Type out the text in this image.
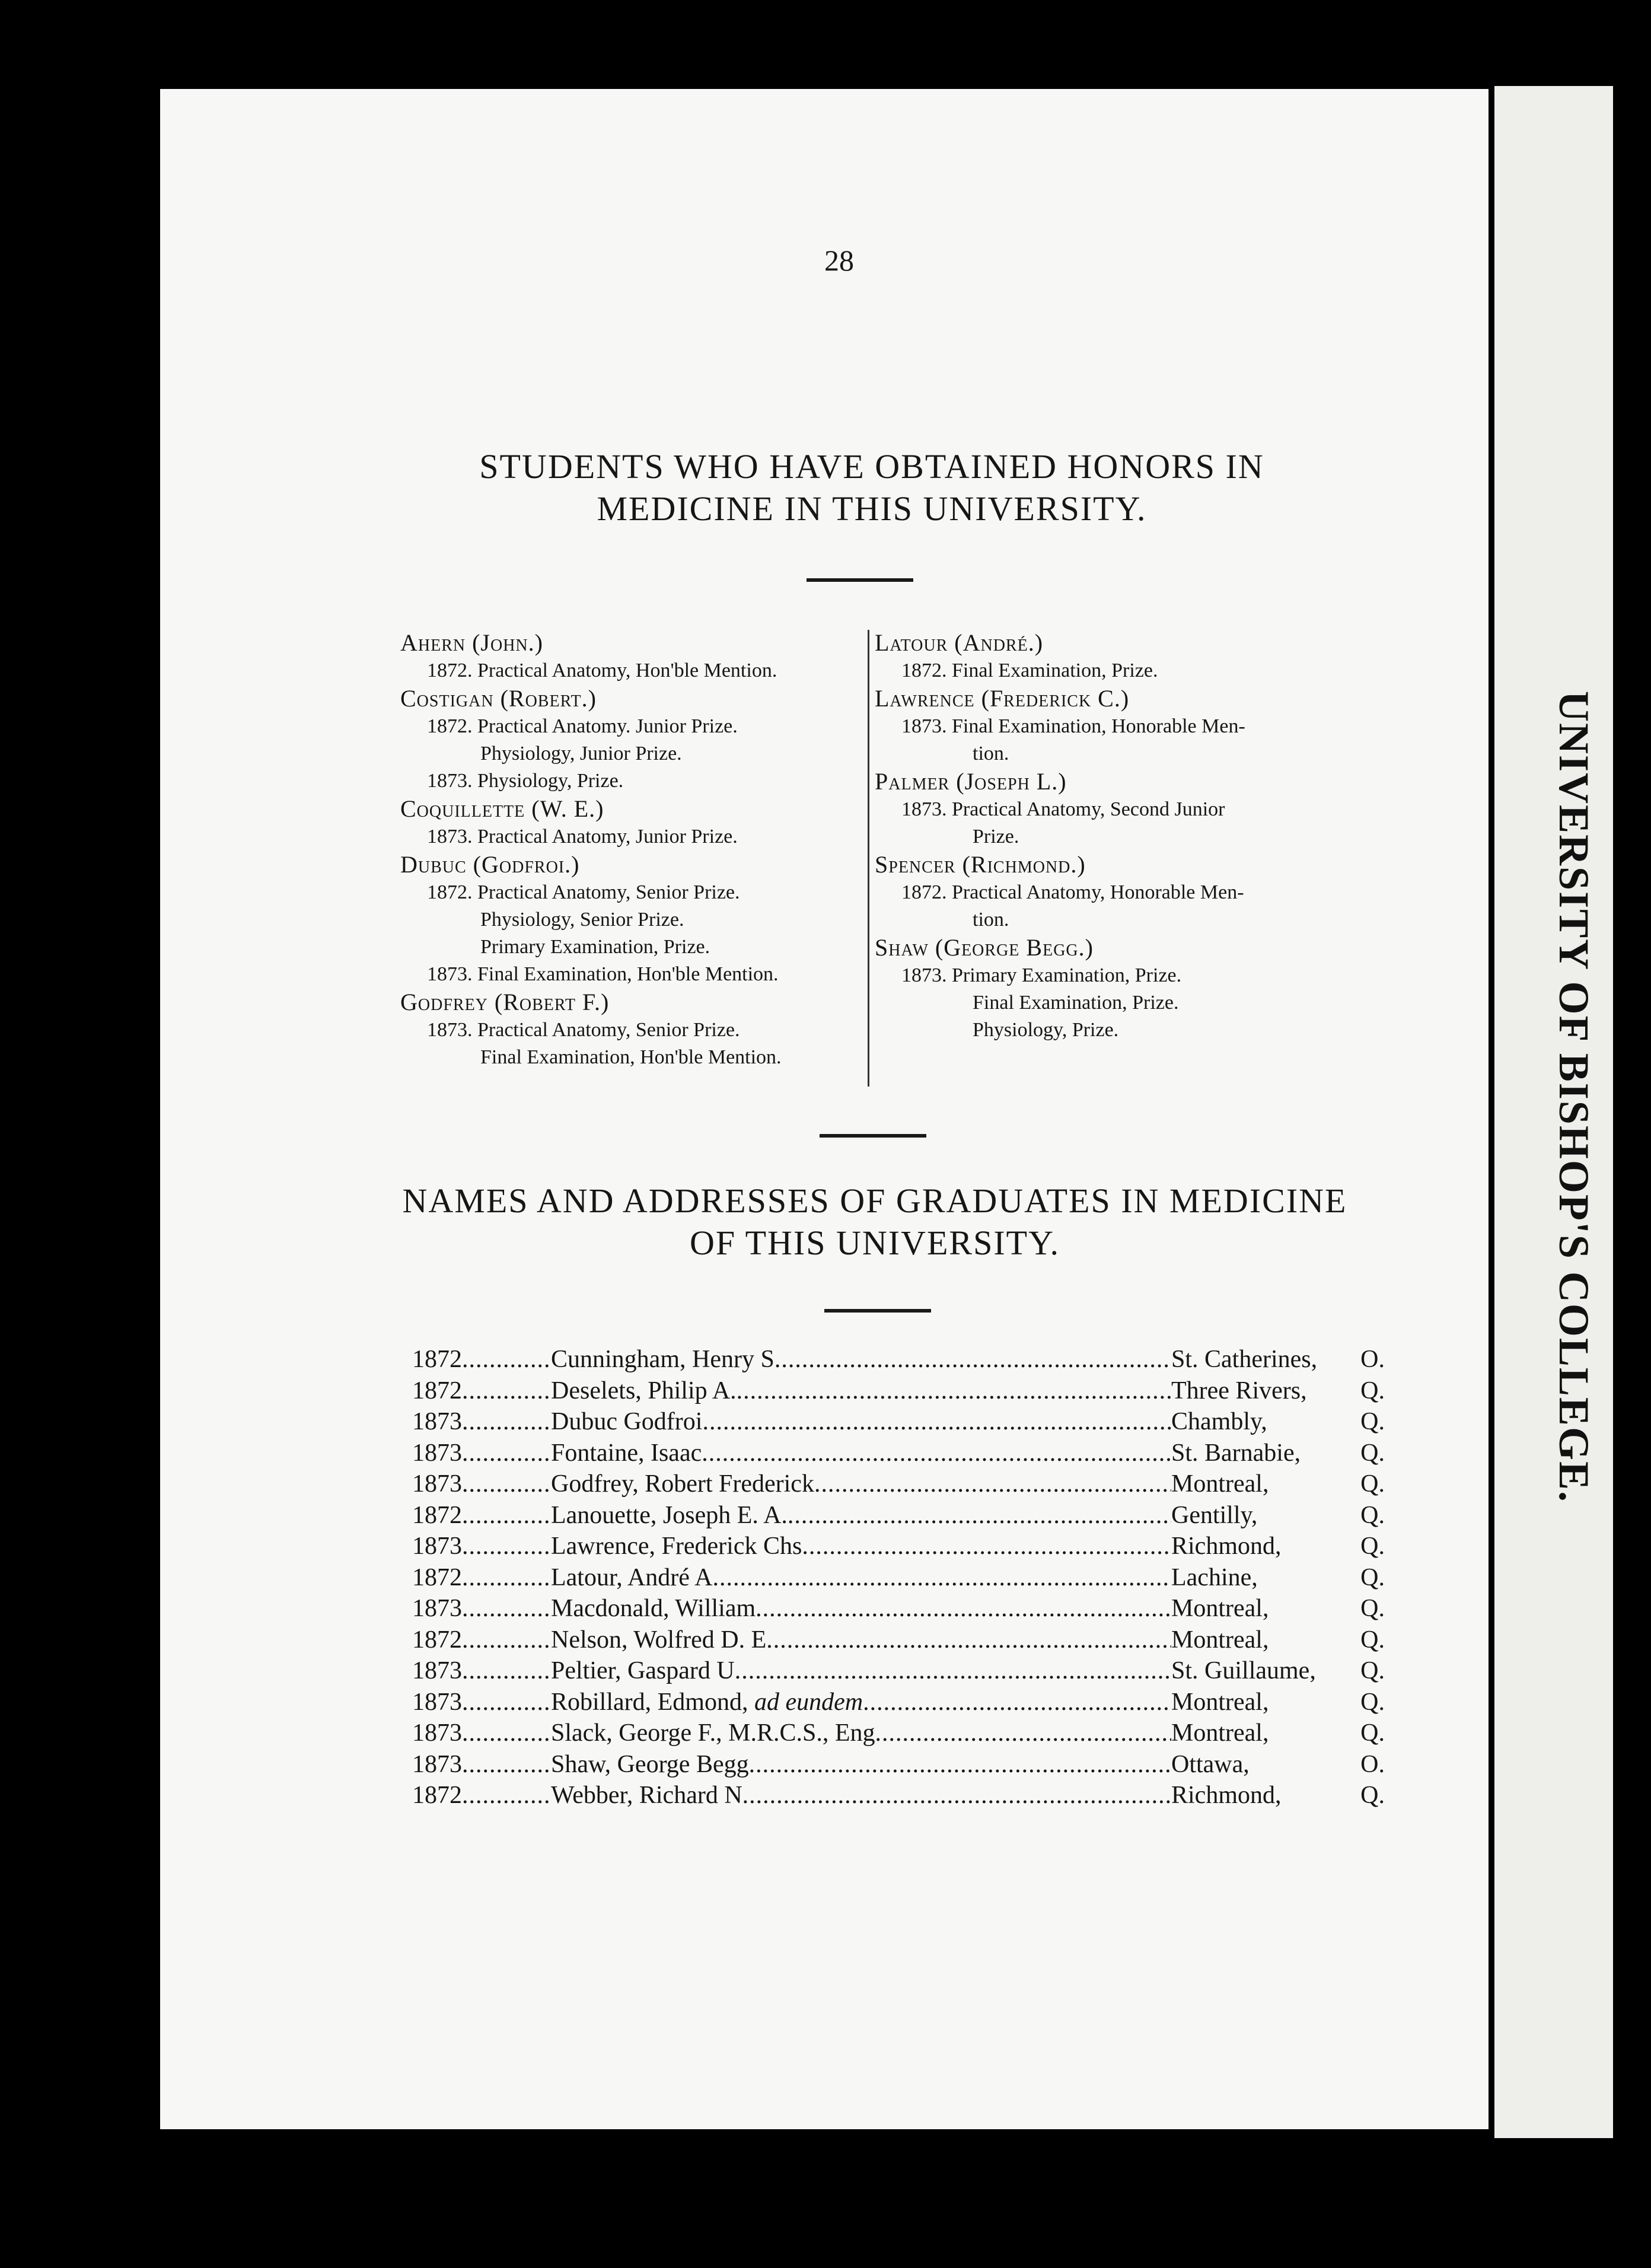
UNIVERSITY OF BISHOP'S COLLEGE.
28
STUDENTS WHO HAVE OBTAINED HONORS IN
MEDICINE IN THIS UNIVERSITY.
Ahern (John.)
1872. Practical Anatomy, Hon'ble Mention.
Costigan (Robert.)
1872. Practical Anatomy. Junior Prize.
Physiology, Junior Prize.
1873. Physiology, Prize.
Coquillette (W. E.)
1873. Practical Anatomy, Junior Prize.
Dubuc (Godfroi.)
1872. Practical Anatomy, Senior Prize.
Physiology, Senior Prize.
Primary Examination, Prize.
1873. Final Examination, Hon'ble Mention.
Godfrey (Robert F.)
1873. Practical Anatomy, Senior Prize.
Final Examination, Hon'ble Mention.
Latour (André.)
1872. Final Examination, Prize.
Lawrence (Frederick C.)
1873. Final Examination, Honorable Men-
tion.
Palmer (Joseph L.)
1873. Practical Anatomy, Second Junior
Prize.
Spencer (Richmond.)
1872. Practical Anatomy, Honorable Men-
tion.
Shaw (George Begg.)
1873. Primary Examination, Prize.
Final Examination, Prize.
Physiology, Prize.
NAMES AND ADDRESSES OF GRADUATES IN MEDICINE
OF THIS UNIVERSITY.
1872 .....	Cunningham, Henry S .....	St. Catherines,	O.
1872 .....	Deselets, Philip A. .....	Three Rivers,	Q.
1873 .....	Dubuc Godfroi .....	Chambly,	Q.
1873 .....	Fontaine, Isaac .....	St. Barnabie,	Q.
1873 .....	Godfrey, Robert Frederick .....	Montreal,	Q.
1872 .....	Lanouette, Joseph E. A. .....	Gentilly,	Q.
1873 .....	Lawrence, Frederick Chs .....	Richmond,	Q.
1872 .....	Latour, André A .....	Lachine,	Q.
1873 .....	Macdonald, William .....	Montreal,	Q.
1872 .....	Nelson, Wolfred D. E .....	Montreal,	Q.
1873 .....	Peltier, Gaspard U .....	St. Guillaume,	Q.
1873 .....	Robillard, Edmond, ad eundem .....	Montreal,	Q.
1873 .....	Slack, George F., M.R.C.S., Eng .....	Montreal,	Q.
1873 .....	Shaw, George Begg .....	Ottawa,	O.
1872 .....	Webber, Richard N .....	Richmond,	Q.
